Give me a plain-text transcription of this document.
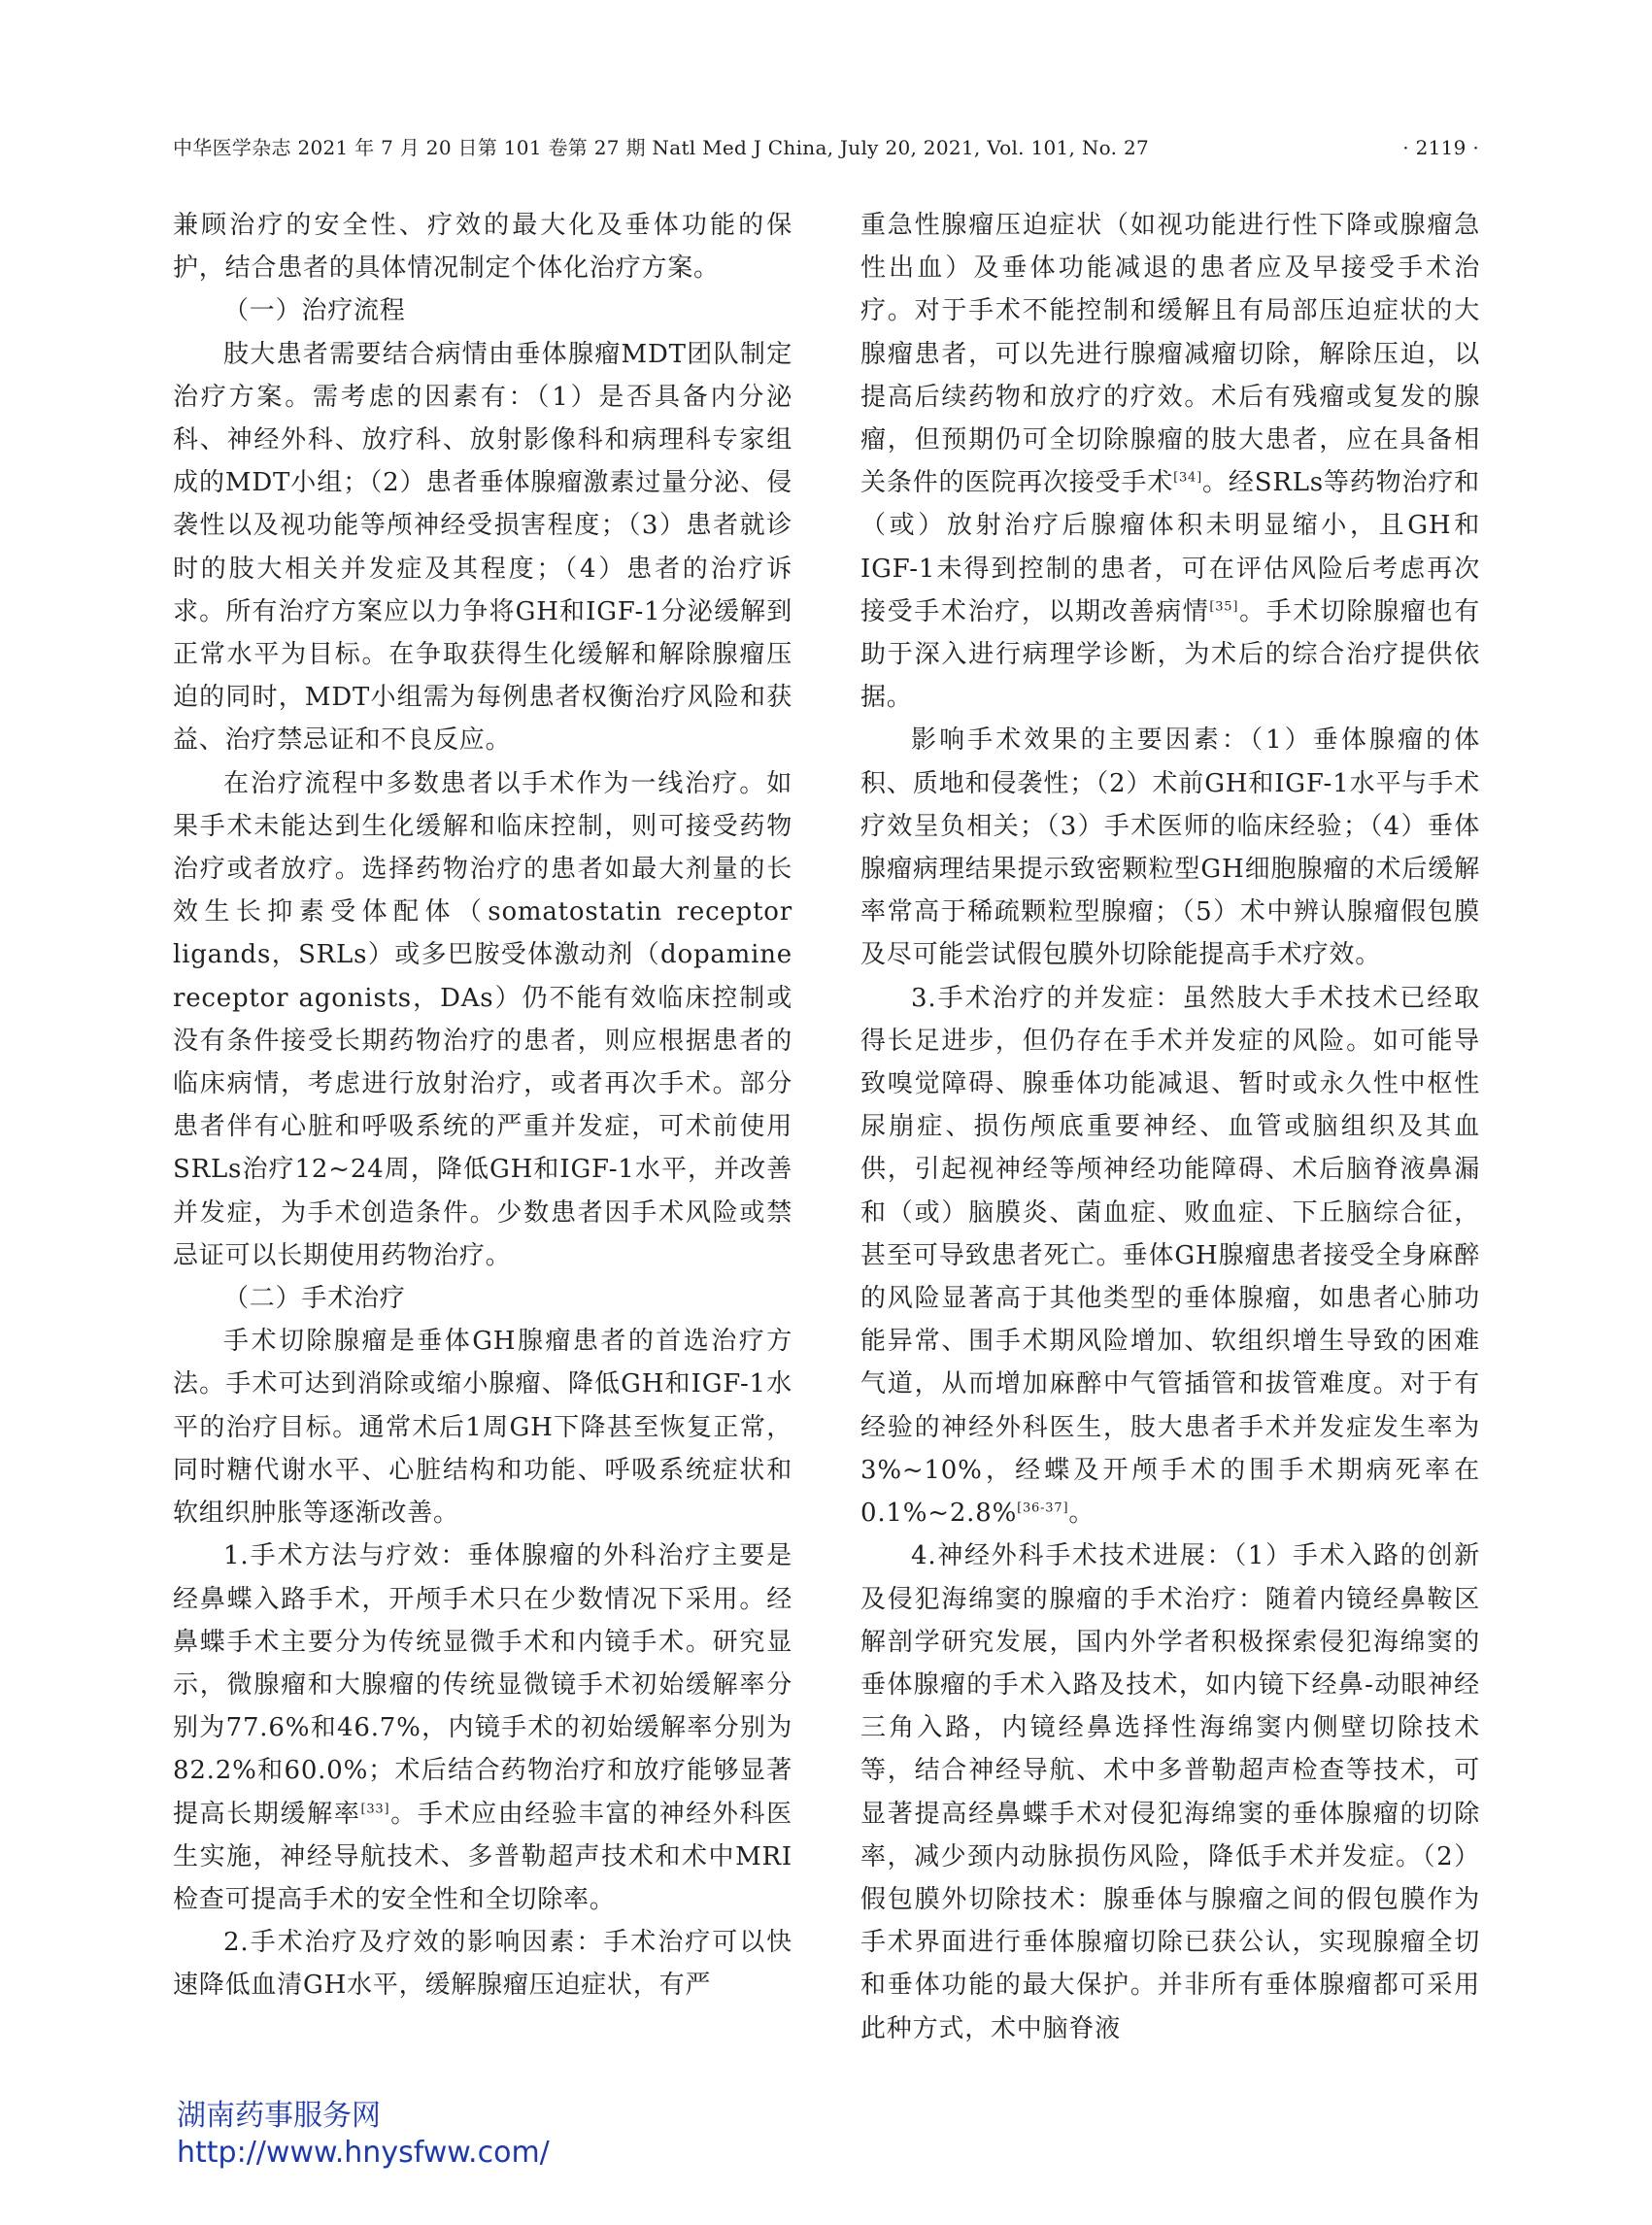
中华医学杂志 2021 年 7 月 20 日第 101 卷第 27 期 Natl Med J China, July 20, 2021, Vol. 101, No. 27	· 2119 ·

兼顾治疗的安全性、疗效的最大化及垂体功能的保护，结合患者的具体情况制定个体化治疗方案。

（一）治疗流程

肢大患者需要结合病情由垂体腺瘤MDT团队制定治疗方案。需考虑的因素有：（1）是否具备内分泌科、神经外科、放疗科、放射影像科和病理科专家组成的MDT小组；（2）患者垂体腺瘤激素过量分泌、侵袭性以及视功能等颅神经受损害程度；（3）患者就诊时的肢大相关并发症及其程度；（4）患者的治疗诉求。所有治疗方案应以力争将GH和IGF-1分泌缓解到正常水平为目标。在争取获得生化缓解和解除腺瘤压迫的同时，MDT小组需为每例患者权衡治疗风险和获益、治疗禁忌证和不良反应。

在治疗流程中多数患者以手术作为一线治疗。如果手术未能达到生化缓解和临床控制，则可接受药物治疗或者放疗。选择药物治疗的患者如最大剂量的长效生长抑素受体配体（somatostatin receptor ligands，SRLs）或多巴胺受体激动剂（dopamine receptor agonists，DAs）仍不能有效临床控制或没有条件接受长期药物治疗的患者，则应根据患者的临床病情，考虑进行放射治疗，或者再次手术。部分患者伴有心脏和呼吸系统的严重并发症，可术前使用SRLs治疗12~24周，降低GH和IGF-1水平，并改善并发症，为手术创造条件。少数患者因手术风险或禁忌证可以长期使用药物治疗。

（二）手术治疗

手术切除腺瘤是垂体GH腺瘤患者的首选治疗方法。手术可达到消除或缩小腺瘤、降低GH和IGF-1水平的治疗目标。通常术后1周GH下降甚至恢复正常，同时糖代谢水平、心脏结构和功能、呼吸系统症状和软组织肿胀等逐渐改善。

1.手术方法与疗效：垂体腺瘤的外科治疗主要是经鼻蝶入路手术，开颅手术只在少数情况下采用。经鼻蝶手术主要分为传统显微手术和内镜手术。研究显示，微腺瘤和大腺瘤的传统显微镜手术初始缓解率分别为77.6%和46.7%，内镜手术的初始缓解率分别为82.2%和60.0%；术后结合药物治疗和放疗能够显著提高长期缓解率[33]。手术应由经验丰富的神经外科医生实施，神经导航技术、多普勒超声技术和术中MRI检查可提高手术的安全性和全切除率。

2.手术治疗及疗效的影响因素：手术治疗可以快速降低血清GH水平，缓解腺瘤压迫症状，有严

重急性腺瘤压迫症状（如视功能进行性下降或腺瘤急性出血）及垂体功能减退的患者应及早接受手术治疗。对于手术不能控制和缓解且有局部压迫症状的大腺瘤患者，可以先进行腺瘤减瘤切除，解除压迫，以提高后续药物和放疗的疗效。术后有残瘤或复发的腺瘤，但预期仍可全切除腺瘤的肢大患者，应在具备相关条件的医院再次接受手术[34]。经SRLs等药物治疗和（或）放射治疗后腺瘤体积未明显缩小，且GH和IGF-1未得到控制的患者，可在评估风险后考虑再次接受手术治疗，以期改善病情[35]。手术切除腺瘤也有助于深入进行病理学诊断，为术后的综合治疗提供依据。

影响手术效果的主要因素：（1）垂体腺瘤的体积、质地和侵袭性；（2）术前GH和IGF-1水平与手术疗效呈负相关；（3）手术医师的临床经验；（4）垂体腺瘤病理结果提示致密颗粒型GH细胞腺瘤的术后缓解率常高于稀疏颗粒型腺瘤；（5）术中辨认腺瘤假包膜及尽可能尝试假包膜外切除能提高手术疗效。

3.手术治疗的并发症：虽然肢大手术技术已经取得长足进步，但仍存在手术并发症的风险。如可能导致嗅觉障碍、腺垂体功能减退、暂时或永久性中枢性尿崩症、损伤颅底重要神经、血管或脑组织及其血供，引起视神经等颅神经功能障碍、术后脑脊液鼻漏和（或）脑膜炎、菌血症、败血症、下丘脑综合征，甚至可导致患者死亡。垂体GH腺瘤患者接受全身麻醉的风险显著高于其他类型的垂体腺瘤，如患者心肺功能异常、围手术期风险增加、软组织增生导致的困难气道，从而增加麻醉中气管插管和拔管难度。对于有经验的神经外科医生，肢大患者手术并发症发生率为3%~10%，经蝶及开颅手术的围手术期病死率在0.1%~2.8%[36-37]。

4.神经外科手术技术进展：（1）手术入路的创新及侵犯海绵窦的腺瘤的手术治疗：随着内镜经鼻鞍区解剖学研究发展，国内外学者积极探索侵犯海绵窦的垂体腺瘤的手术入路及技术，如内镜下经鼻-动眼神经三角入路，内镜经鼻选择性海绵窦内侧壁切除技术等，结合神经导航、术中多普勒超声检查等技术，可显著提高经鼻蝶手术对侵犯海绵窦的垂体腺瘤的切除率，减少颈内动脉损伤风险，降低手术并发症。（2）假包膜外切除技术：腺垂体与腺瘤之间的假包膜作为手术界面进行垂体腺瘤切除已获公认，实现腺瘤全切和垂体功能的最大保护。并非所有垂体腺瘤都可采用此种方式，术中脑脊液

湖南药事服务网
http://www.hnysfww.com/
